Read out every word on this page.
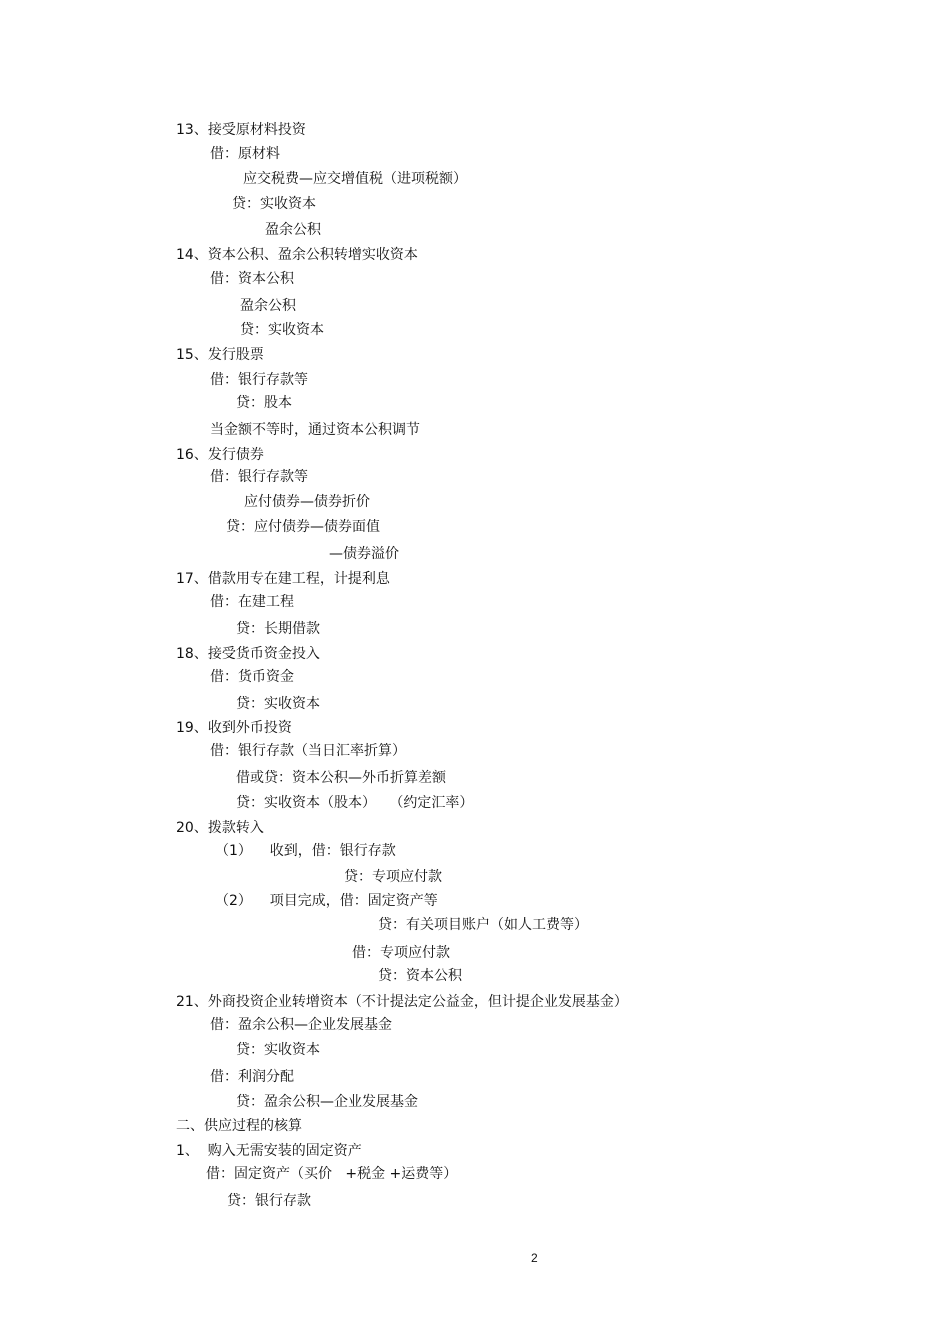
13、接受原材料投资
借：原材料
应交税费—应交增值税（进项税额）
贷：实收资本
盈余公积
14、资本公积、盈余公积转增实收资本
借：资本公积
盈余公积
贷：实收资本
15、发行股票
借：银行存款等
贷：股本
当金额不等时，通过资本公积调节
16、发行债券
借：银行存款等
应付债券—债券折价
贷：应付债券—债券面值
—债券溢价
17、借款用专在建工程，计提利息
借：在建工程
贷：长期借款
18、接受货币资金投入
借：货币资金
贷：实收资本
19、收到外币投资
借：银行存款（当日汇率折算）
借或贷：资本公积—外币折算差额
贷：实收资本（股本）   （约定汇率）
20、拨款转入
（1）    收到，借：银行存款
贷：专项应付款
（2）    项目完成，借：固定资产等
贷：有关项目账户（如人工费等）
借：专项应付款
贷：资本公积
21、外商投资企业转增资本（不计提法定公益金，但计提企业发展基金）
借：盈余公积—企业发展基金
贷：实收资本
借：利润分配
贷：盈余公积—企业发展基金
二、供应过程的核算
1、  购入无需安装的固定资产
借：固定资产（买价   +税金 +运费等）
贷：银行存款
2
